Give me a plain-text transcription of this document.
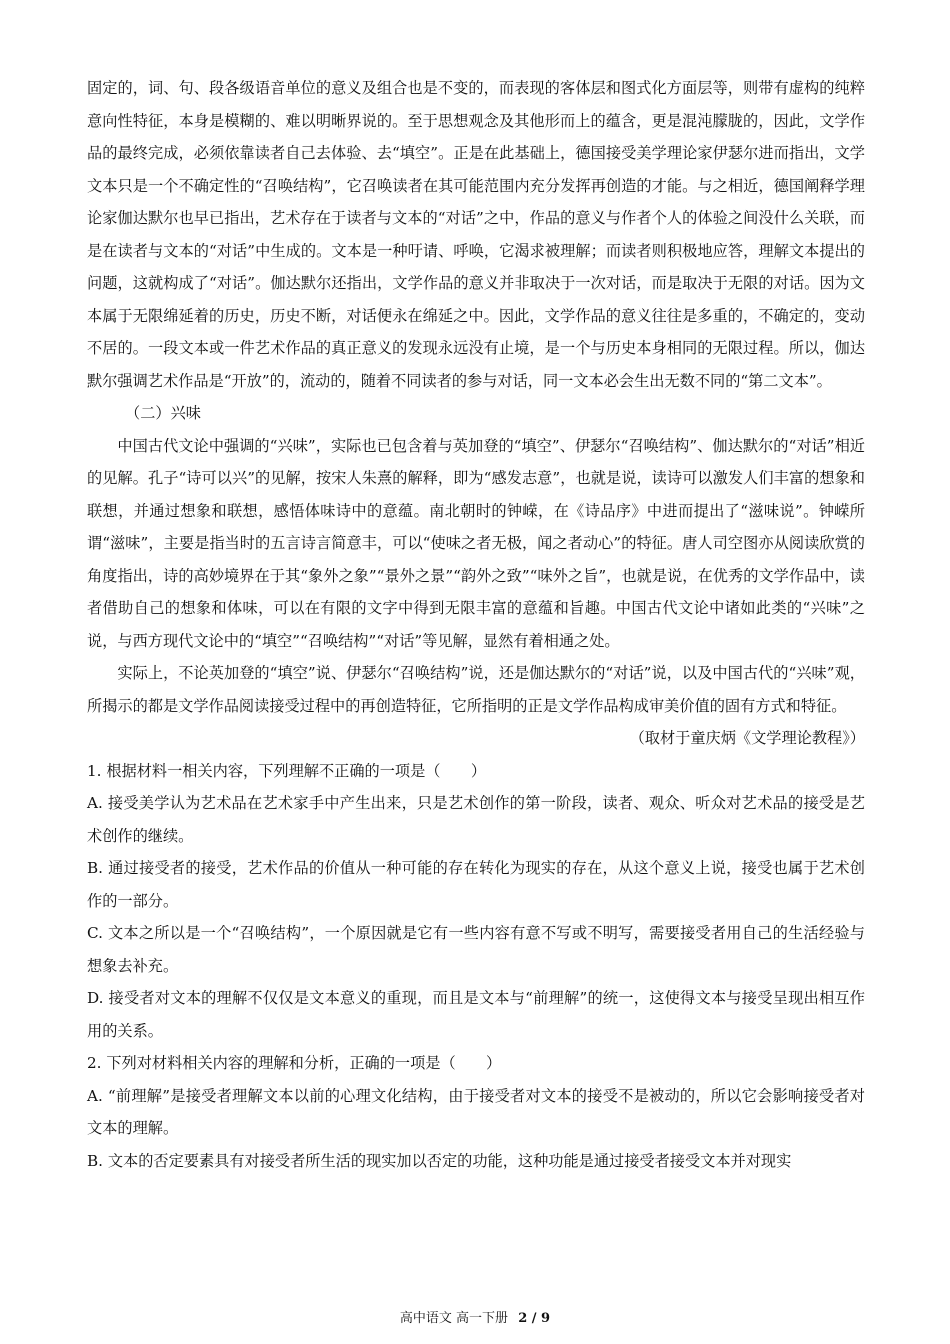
固定的，词、句、段各级语音单位的意义及组合也是不变的，而表现的客体层和图式化方面层等，则带有虚构的纯粹意向性特征，本身是模糊的、难以明晰界说的。至于思想观念及其他形而上的蕴含，更是混沌朦胧的，因此，文学作品的最终完成，必须依靠读者自己去体验、去“填空”。正是在此基础上，德国接受美学理论家伊瑟尔进而指出，文学文本只是一个不确定性的“召唤结构”，它召唤读者在其可能范围内充分发挥再创造的才能。与之相近，德国阐释学理论家伽达默尔也早已指出，艺术存在于读者与文本的“对话”之中，作品的意义与作者个人的体验之间没什么关联，而是在读者与文本的“对话”中生成的。文本是一种吁请、呼唤，它渴求被理解；而读者则积极地应答，理解文本提出的问题，这就构成了“对话”。伽达默尔还指出，文学作品的意义并非取决于一次对话，而是取决于无限的对话。因为文本属于无限绵延着的历史，历史不断，对话便永在绵延之中。因此，文学作品的意义往往是多重的，不确定的，变动不居的。一段文本或一件艺术作品的真正意义的发现永远没有止境，是一个与历史本身相同的无限过程。所以，伽达默尔强调艺术作品是“开放”的，流动的，随着不同读者的参与对话，同一文本必会生出无数不同的“第二文本”。

（二）兴味

中国古代文论中强调的“兴味”，实际也已包含着与英加登的“填空”、伊瑟尔“召唤结构”、伽达默尔的“对话”相近的见解。孔子“诗可以兴”的见解，按宋人朱熹的解释，即为“感发志意”，也就是说，读诗可以激发人们丰富的想象和联想，并通过想象和联想，感悟体味诗中的意蕴。南北朝时的钟嵘，在《诗品序》中进而提出了“滋味说”。钟嵘所谓“滋味”，主要是指当时的五言诗言简意丰，可以“使味之者无极，闻之者动心”的特征。唐人司空图亦从阅读欣赏的角度指出，诗的高妙境界在于其“象外之象”“景外之景”“韵外之致”“味外之旨”，也就是说，在优秀的文学作品中，读者借助自己的想象和体味，可以在有限的文字中得到无限丰富的意蕴和旨趣。中国古代文论中诸如此类的“兴味”之说，与西方现代文论中的“填空”“召唤结构”“对话”等见解，显然有着相通之处。

实际上，不论英加登的“填空”说、伊瑟尔“召唤结构”说，还是伽达默尔的“对话”说，以及中国古代的“兴味”观，所揭示的都是文学作品阅读接受过程中的再创造特征，它所指明的正是文学作品构成审美价值的固有方式和特征。

（取材于童庆炳《文学理论教程》）

1. 根据材料一相关内容，下列理解不正确的一项是（　　）

A. 接受美学认为艺术品在艺术家手中产生出来，只是艺术创作的第一阶段，读者、观众、听众对艺术品的接受是艺术创作的继续。

B. 通过接受者的接受，艺术作品的价值从一种可能的存在转化为现实的存在，从这个意义上说，接受也属于艺术创作的一部分。

C. 文本之所以是一个“召唤结构”，一个原因就是它有一些内容有意不写或不明写，需要接受者用自己的生活经验与想象去补充。

D. 接受者对文本的理解不仅仅是文本意义的重现，而且是文本与“前理解”的统一，这使得文本与接受呈现出相互作用的关系。

2. 下列对材料相关内容的理解和分析，正确的一项是（　　）

A. “前理解”是接受者理解文本以前的心理文化结构，由于接受者对文本的接受不是被动的，所以它会影响接受者对文本的理解。

B. 文本的否定要素具有对接受者所生活的现实加以否定的功能，这种功能是通过接受者接受文本并对现实

高中语文 高一下册 2 / 9
